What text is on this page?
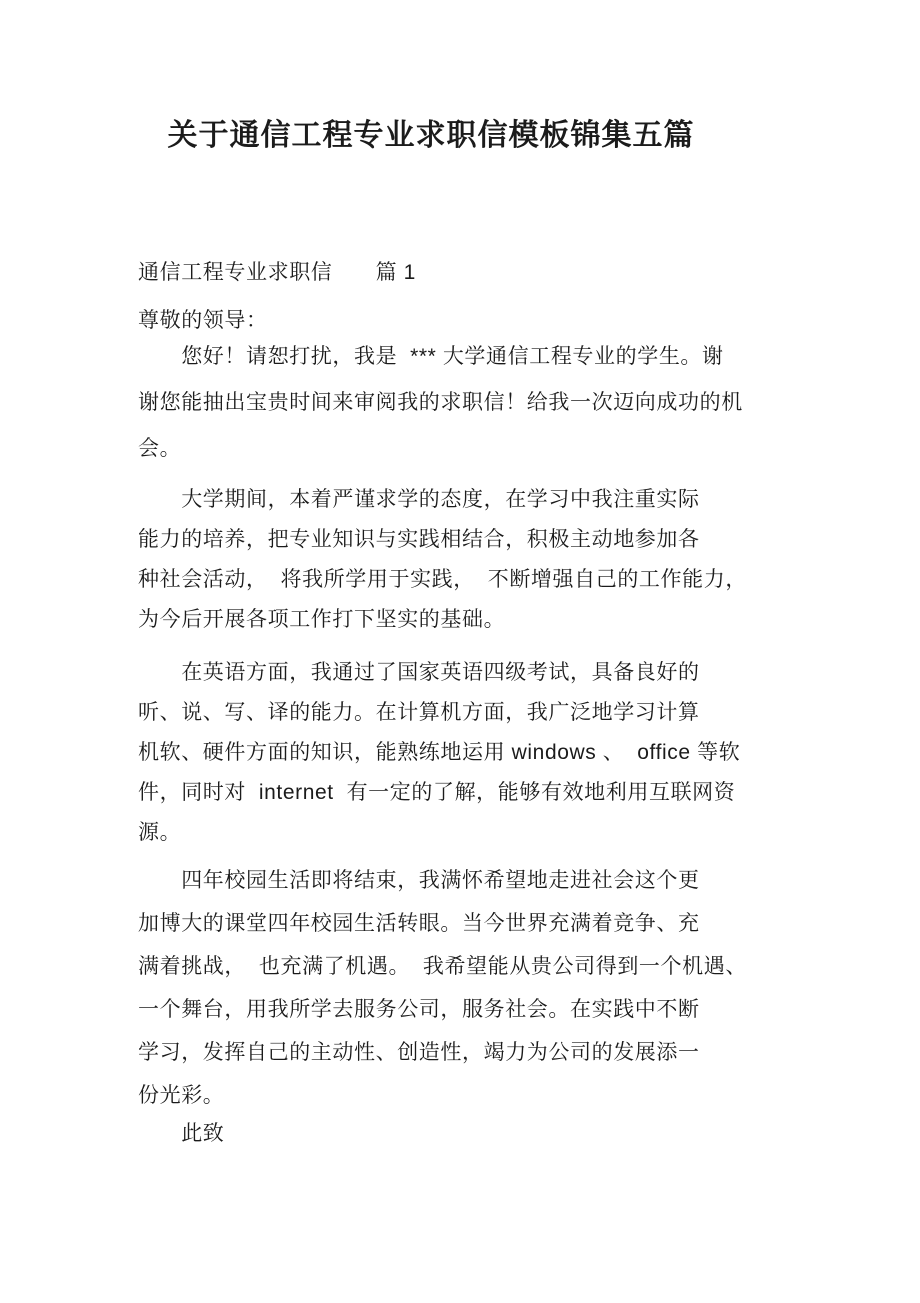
关于通信工程专业求职信模板锦集五篇
通信工程专业求职信　　篇 1
尊敬的领导：
　　您好！请恕打扰，我是  *** 大学通信工程专业的学生。谢
谢您能抽出宝贵时间来审阅我的求职信！给我一次迈向成功的机
会。
　　大学期间，本着严谨求学的态度，在学习中我注重实际
能力的培养，把专业知识与实践相结合，积极主动地参加各
种社会活动，  将我所学用于实践，  不断增强自己的工作能力，
为今后开展各项工作打下坚实的基础。
　　在英语方面，我通过了国家英语四级考试，具备良好的
听、说、写、译的能力。在计算机方面，我广泛地学习计算
机软、硬件方面的知识，能熟练地运用 windows 、  office 等软
件，同时对  internet  有一定的了解，能够有效地利用互联网资
源。
　　四年校园生活即将结束，我满怀希望地走进社会这个更
加博大的课堂四年校园生活转眼。当今世界充满着竞争、充
满着挑战，  也充满了机遇。  我希望能从贵公司得到一个机遇、
一个舞台，用我所学去服务公司，服务社会。在实践中不断
学习，发挥自己的主动性、创造性，竭力为公司的发展添一
份光彩。
　　此致
